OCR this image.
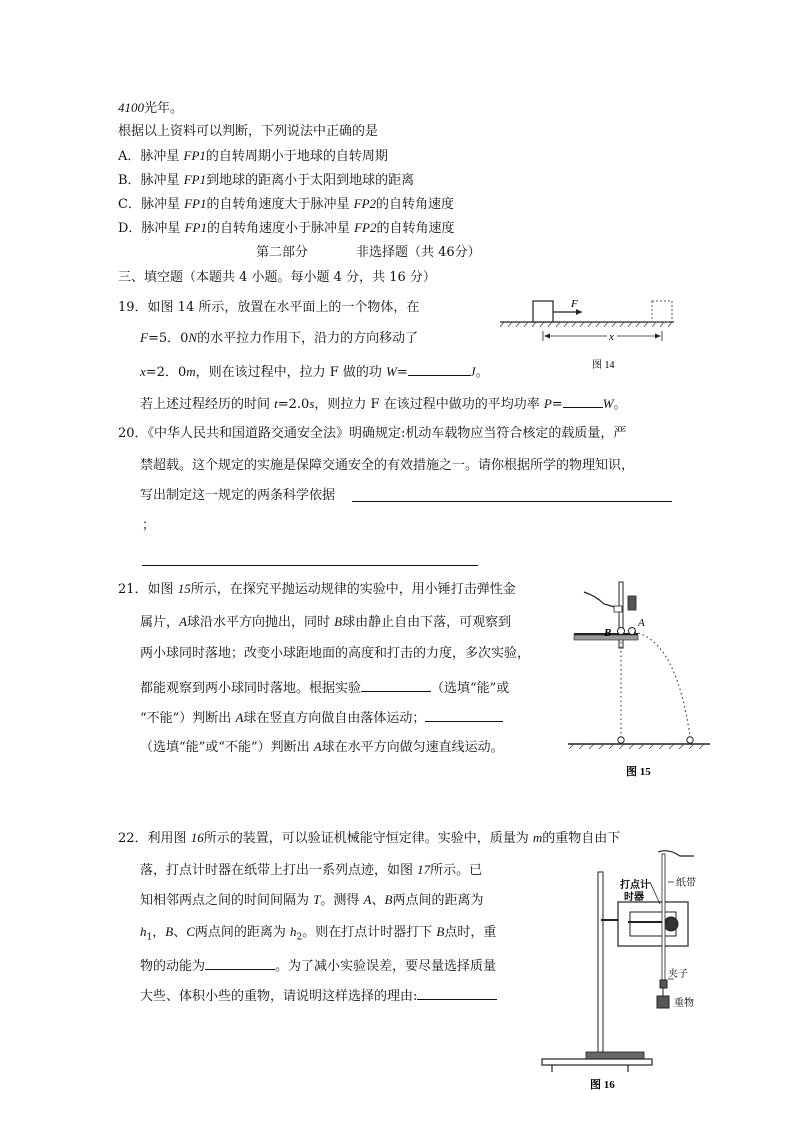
4100光年。
根据以上资料可以判断，下列说法中正确的是
A．脉冲星 FP1的自转周期小于地球的自转周期
B．脉冲星 FP1到地球的距离小于太阳到地球的距离
C．脉冲星 FP1的自转角速度大于脉冲星 FP2的自转角速度
D．脉冲星 FP1的自转角速度小于脉冲星 FP2的自转角速度
第二部分	非选择题（共 46分）
三、填空题（本题共 4 小题。每小题 4 分，共 16 分）
19．如图 14 所示，放置在水平面上的一个物体，在
F=5．0N的水平拉力作用下，沿力的方向移动了
x=2．0m，则在该过程中，拉力 F 做的功 W=	J。
若上述过程经历的时间 t=2.0s，则拉力 F 在该过程中做功的平均功率 P=	W。
F
x
图 14
20．《中华人民共和国道路交通安全法》明确规定:机动车载物应当符合核定的载质量，严
禁超载。这个规定的实施是保障交通安全的有效措施之一。请你根据所学的物理知识，
写出制定这一规定的两条科学依据
；
21．如图 15所示，在探究平抛运动规律的实验中，用小锤打击弹性金
属片，A球沿水平方向抛出，同时 B球由静止自由下落，可观察到
两小球同时落地；改变小球距地面的高度和打击的力度，多次实验，
都能观察到两小球同时落地。根据实验	（选填“能”或
“不能”）判断出 A球在竖直方向做自由落体运动；
（选填“能”或“不能”）判断出 A球在水平方向做匀速直线运动。
B
A
图 15
22．利用图 16所示的装置，可以验证机械能守恒定律。实验中，质量为 m的重物自由下
落，打点计时器在纸带上打出一系列点迹，如图 17所示。已
知相邻两点之间的时间间隔为 T。测得 A、B两点间的距离为
$h_1$，B、C两点间的距离为 $h_2$。则在打点计时器打下 B点时，重
物的动能为	。为了减小实验误差，要尽量选择质量
大些、体积小些的重物，请说明这样选择的理由:
打点计
时器
纸带
夹子
重物
图 16
